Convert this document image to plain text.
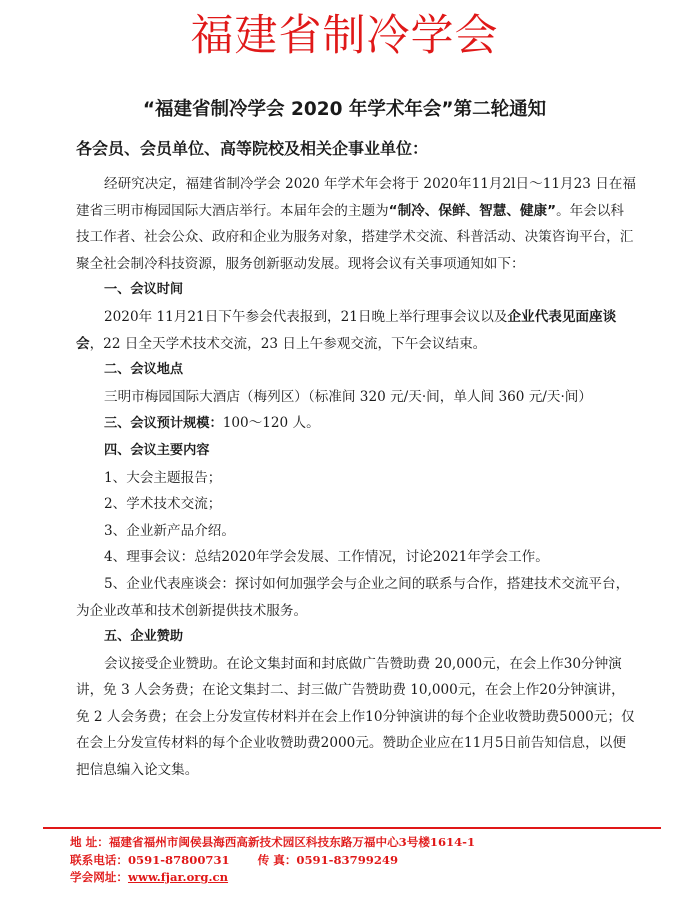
福建省制冷学会
“福建省制冷学会 2020 年学术年会”第二轮通知
各会员、会员单位、高等院校及相关企事业单位：

经研究决定，福建省制冷学会 2020 年学术年会将于 2020年11月2l日～11月23 日在福建省三明市梅园国际大酒店举行。本届年会的主题为“制冷、保鲜、智慧、健康”。年会以科技工作者、社会公众、政府和企业为服务对象，搭建学术交流、科普活动、决策咨询平台，汇聚全社会制冷科技资源，服务创新驱动发展。现将会议有关事项通知如下：

一、会议时间

2020年 11月21日下午参会代表报到，21日晚上举行理事会议以及企业代表见面座谈会，22 日全天学术技术交流，23 日上午参观交流，下午会议结束。

二、会议地点

三明市梅园国际大酒店（梅列区）（标准间 320 元/天·间，单人间 360 元/天·间）

三、会议预计规模：100～120 人。

四、会议主要内容

1、大会主题报告；

2、学术技术交流；

3、企业新产品介绍。

4、理事会议：总结2020年学会发展、工作情况，讨论2021年学会工作。

5、企业代表座谈会：探讨如何加强学会与企业之间的联系与合作，搭建技术交流平台，为企业改革和技术创新提供技术服务。

五、企业赞助

会议接受企业赞助。在论文集封面和封底做广告赞助费 20,000元，在会上作30分钟演讲，免 3 人会务费；在论文集封二、封三做广告赞助费 10,000元，在会上作20分钟演讲，免 2 人会务费；在会上分发宣传材料并在会上作10分钟演讲的每个企业收赞助费5000元；仅在会上分发宣传材料的每个企业收赞助费2000元。赞助企业应在11月5日前告知信息，以便把信息编入论文集。

地 址：福建省福州市闽侯县海西高新技术园区科技东路万福中心3号楼1614-1
联系电话：0591-87800731 传 真：0591-83799249
学会网址：www.fjar.org.cn
